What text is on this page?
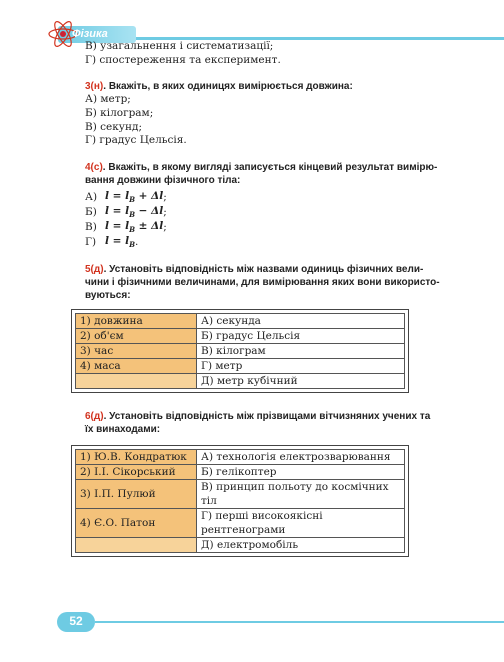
Фізика
В) узагальнення і систематизації;
Г) спостереження та експеримент.
3(н). Вкажіть, в яких одиницях вимірюється довжина:
А) метр;
Б) кілограм;
В) секунд;
Г) градус Цельсія.
4(с). Вкажіть, в якому вигляді записується кінцевий результат вимірю-
вання довжини фізичного тіла:
А) $l = l_B + \Delta l$ ;
Б) $l = l_B - \Delta l$ ;
В) $l = l_B \pm \Delta l$ ;
Г) $l = l_B$ .
5(д). Установіть відповідність між назвами одиниць фізичних вели-
чини і фізичними величинами, для вимірювання яких вони використо-
вуються:
1) довжина	А) секунда
2) об'єм	Б) градус Цельсія
3) час	В) кілограм
4) маса	Г) метр
	Д) метр кубічний
6(д). Установіть відповідність між прізвищами вітчизняних учених та
їх винаходами:
1) Ю.В. Кондратюк	А) технологія електрозварювання
2) І.І. Сікорський	Б) гелікоптер
3) І.П. Пулюй	В) принцип польоту до космічних тіл
4) Є.О. Патон	Г) перші високоякісні рентгенограми
	Д) електромобіль
52
